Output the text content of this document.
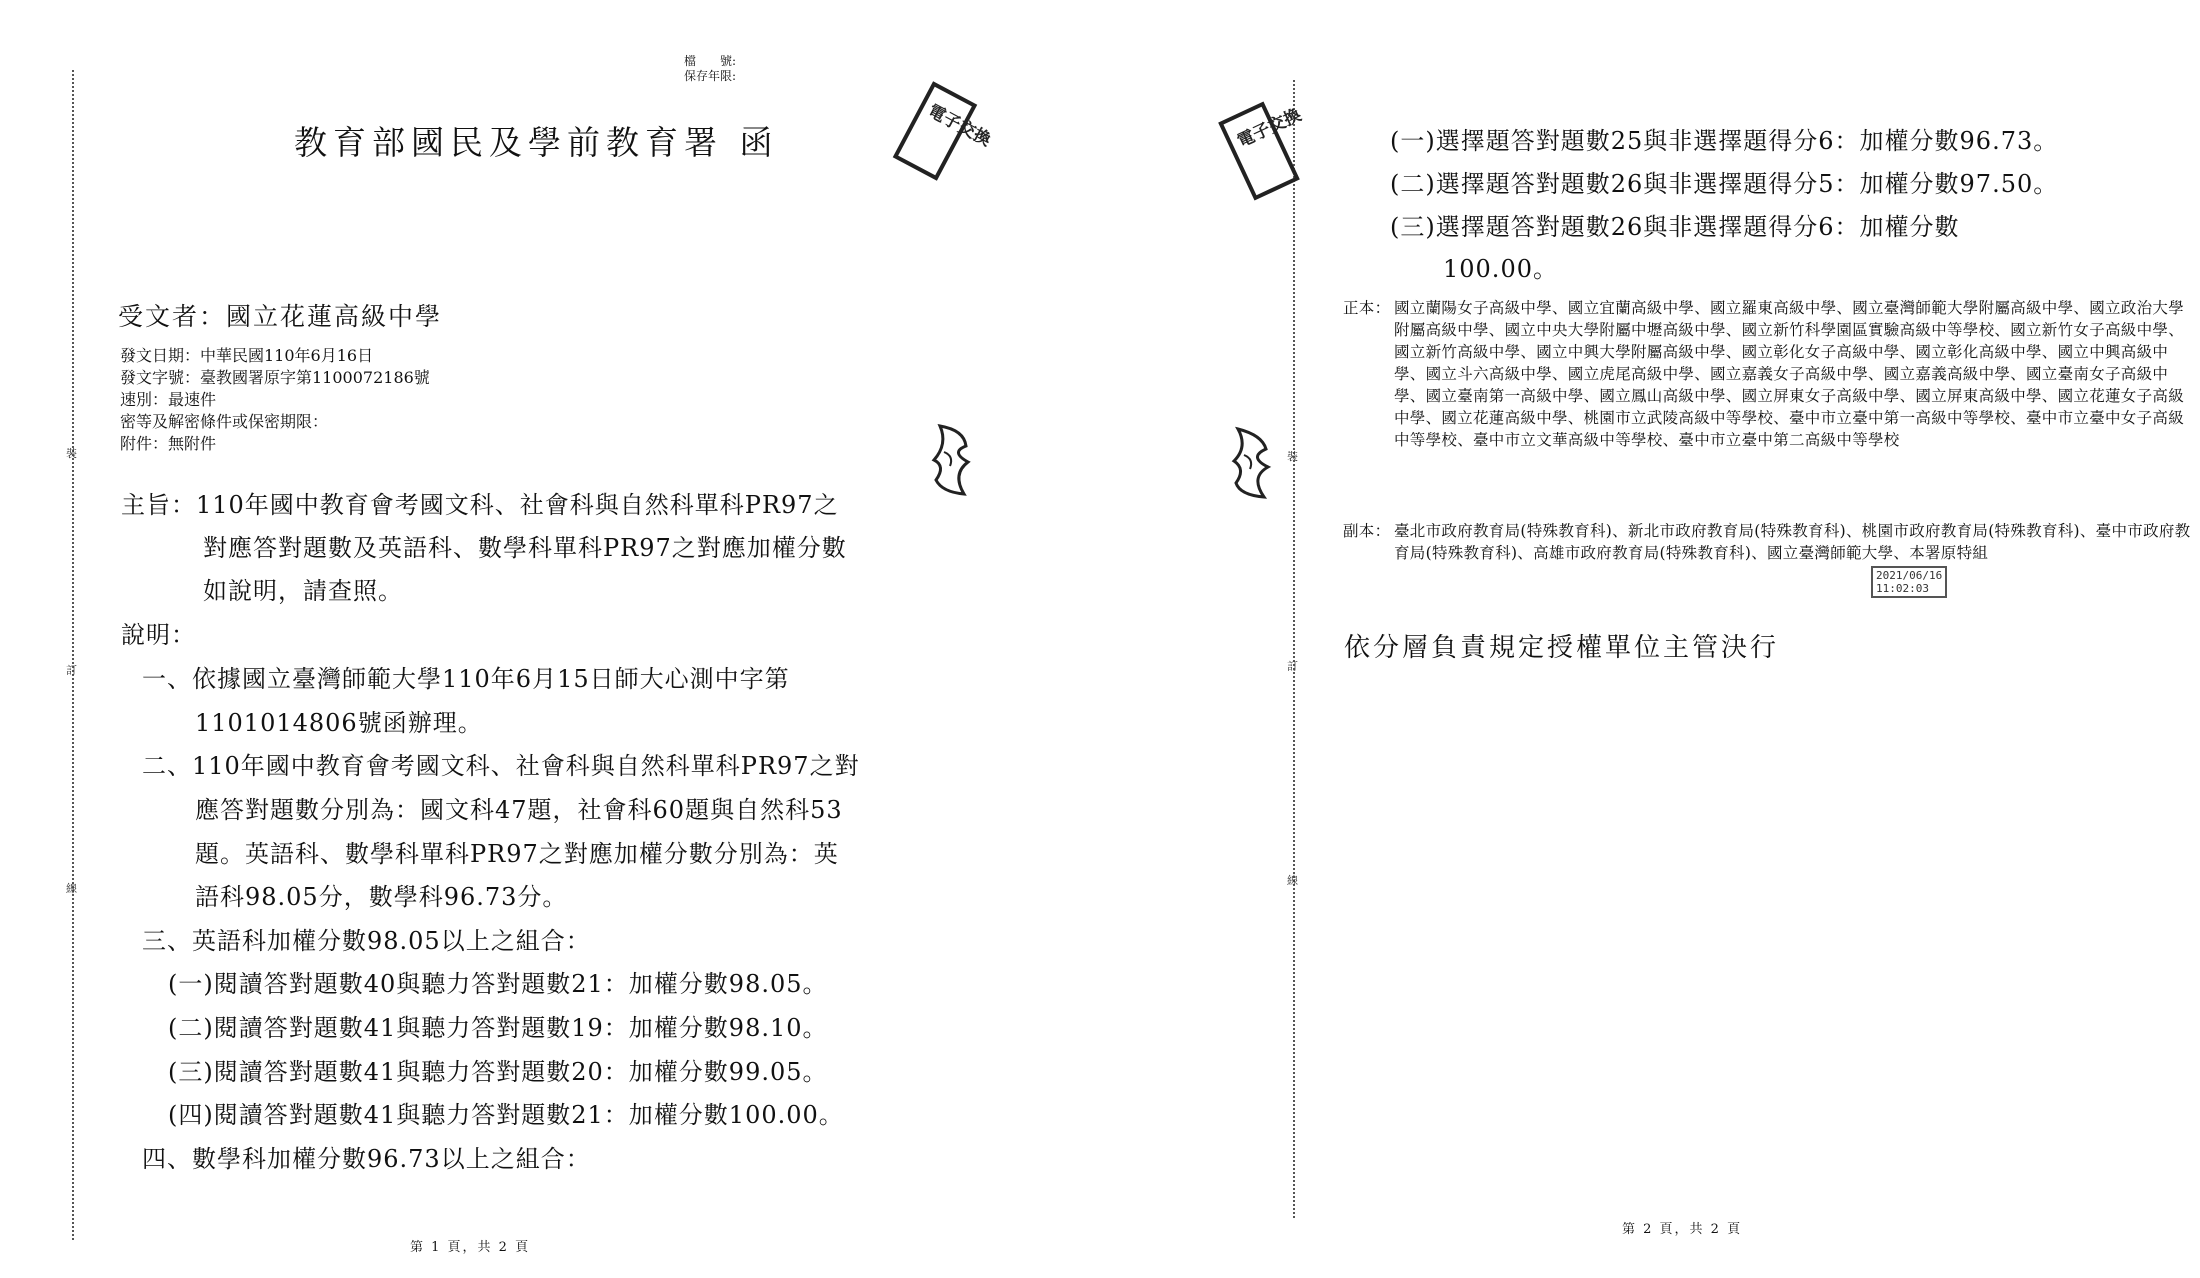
裝
訂
線
檔　　號:
保存年限:
教育部國民及學前教育署 函	電子交換
受文者：國立花蓮高級中學
發文日期：中華民國110年6月16日
發文字號：臺教國署原字第1100072186號
速別：最速件
密等及解密條件或保密期限：
附件：無附件
主旨：110年國中教育會考國文科、社會科與自然科單科PR97之
對應答對題數及英語科、數學科單科PR97之對應加權分數
如說明，請查照。
說明：
一、依據國立臺灣師範大學110年6月15日師大心測中字第
1101014806號函辦理。
二、110年國中教育會考國文科、社會科與自然科單科PR97之對
應答對題數分別為：國文科47題，社會科60題與自然科53
題。英語科、數學科單科PR97之對應加權分數分別為：英
語科98.05分，數學科96.73分。
三、英語科加權分數98.05以上之組合：
(一)閱讀答對題數40與聽力答對題數21：加權分數98.05。
(二)閱讀答對題數41與聽力答對題數19：加權分數98.10。
(三)閱讀答對題數41與聽力答對題數20：加權分數99.05。
(四)閱讀答對題數41與聽力答對題數21：加權分數100.00。
四、數學科加權分數96.73以上之組合：
第 1 頁，共 2 頁
裝
訂
線
電子交換	(一)選擇題答對題數25與非選擇題得分6：加權分數96.73。
(二)選擇題答對題數26與非選擇題得分5：加權分數97.50。
(三)選擇題答對題數26與非選擇題得分6：加權分數
100.00。
正本： 國立蘭陽女子高級中學、國立宜蘭高級中學、國立羅東高級中學、國立臺灣師範大學附屬高級中學、國立政治大學附屬高級中學、國立中央大學附屬中壢高級中學、國立新竹科學園區實驗高級中等學校、國立新竹女子高級中學、國立新竹高級中學、國立中興大學附屬高級中學、國立彰化女子高級中學、國立彰化高級中學、國立中興高級中學、國立斗六高級中學、國立虎尾高級中學、國立嘉義女子高級中學、國立嘉義高級中學、國立臺南女子高級中學、國立臺南第一高級中學、國立鳳山高級中學、國立屏東女子高級中學、國立屏東高級中學、國立花蓮女子高級中學、國立花蓮高級中學、桃園市立武陵高級中等學校、臺中市立臺中第一高級中等學校、臺中市立臺中女子高級中等學校、臺中市立文華高級中等學校、臺中市立臺中第二高級中等學校
副本： 臺北市政府教育局(特殊教育科)、新北市政府教育局(特殊教育科)、桃園市政府教育局(特殊教育科)、臺中市政府教育局(特殊教育科)、高雄市政府教育局(特殊教育科)、國立臺灣師範大學、本署原特組
2021/06/16
11:02:03
依分層負責規定授權單位主管決行
第 2 頁，共 2 頁
